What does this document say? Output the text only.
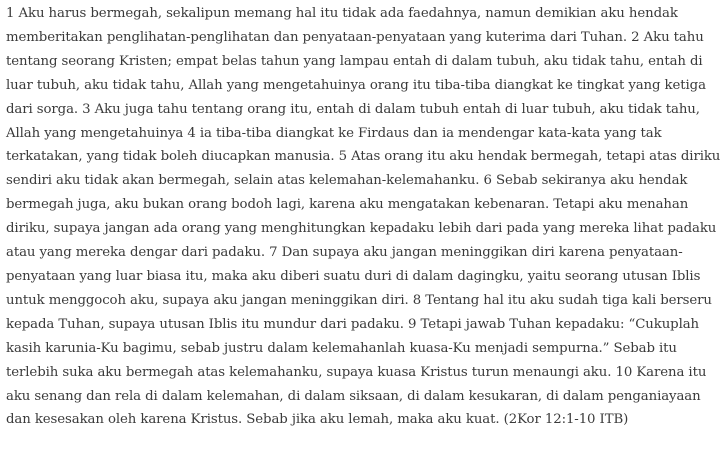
1 Aku harus bermegah, sekalipun memang hal itu tidak ada faedahnya, namun demikian aku hendak
memberitakan penglihatan-penglihatan dan penyataan-penyataan yang kuterima dari Tuhan. 2 Aku tahu
tentang seorang Kristen; empat belas tahun yang lampau entah di dalam tubuh, aku tidak tahu, entah di
luar tubuh, aku tidak tahu, Allah yang mengetahuinya orang itu tiba-tiba diangkat ke tingkat yang ketiga
dari sorga. 3 Aku juga tahu tentang orang itu, entah di dalam tubuh entah di luar tubuh, aku tidak tahu,
Allah yang mengetahuinya 4 ia tiba-tiba diangkat ke Firdaus dan ia mendengar kata-kata yang tak
terkatakan, yang tidak boleh diucapkan manusia. 5 Atas orang itu aku hendak bermegah, tetapi atas diriku
sendiri aku tidak akan bermegah, selain atas kelemahan-kelemahanku. 6 Sebab sekiranya aku hendak
bermegah juga, aku bukan orang bodoh lagi, karena aku mengatakan kebenaran. Tetapi aku menahan
diriku, supaya jangan ada orang yang menghitungkan kepadaku lebih dari pada yang mereka lihat padaku
atau yang mereka dengar dari padaku. 7 Dan supaya aku jangan meninggikan diri karena penyataan-
penyataan yang luar biasa itu, maka aku diberi suatu duri di dalam dagingku, yaitu seorang utusan Iblis
untuk menggocoh aku, supaya aku jangan meninggikan diri. 8 Tentang hal itu aku sudah tiga kali berseru
kepada Tuhan, supaya utusan Iblis itu mundur dari padaku. 9 Tetapi jawab Tuhan kepadaku: “Cukuplah
kasih karunia-Ku bagimu, sebab justru dalam kelemahanlah kuasa-Ku menjadi sempurna.” Sebab itu
terlebih suka aku bermegah atas kelemahanku, supaya kuasa Kristus turun menaungi aku. 10 Karena itu
aku senang dan rela di dalam kelemahan, di dalam siksaan, di dalam kesukaran, di dalam penganiayaan
dan kesesakan oleh karena Kristus. Sebab jika aku lemah, maka aku kuat. (2Kor 12:1-10 ITB)
